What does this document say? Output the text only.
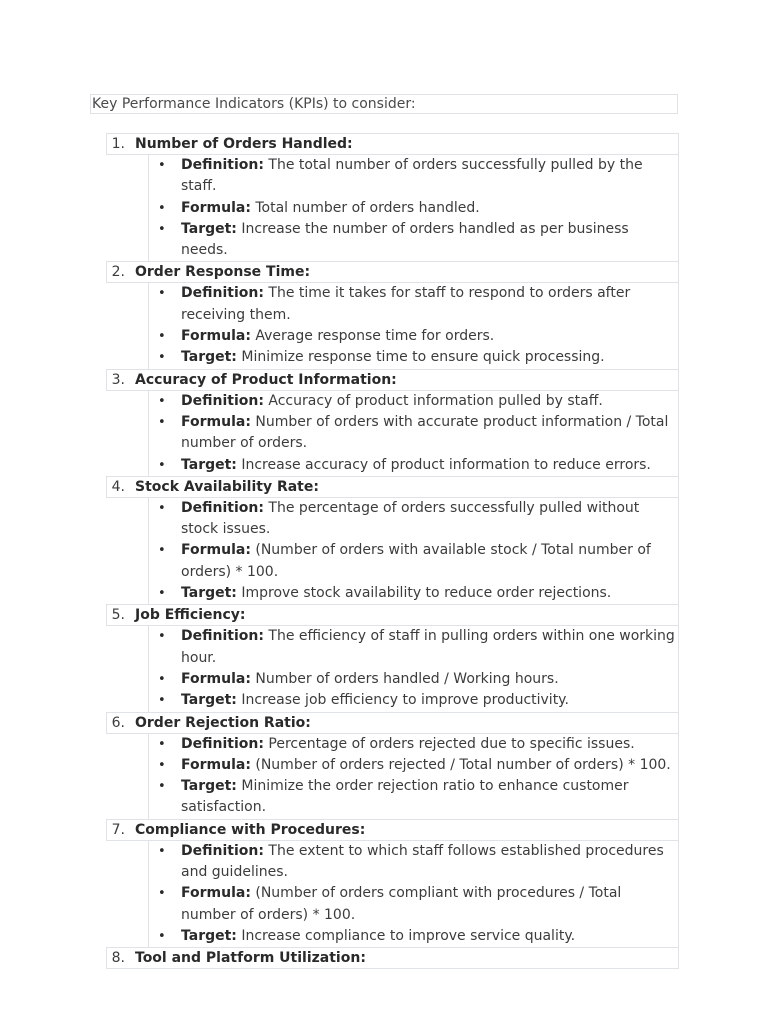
Key Performance Indicators (KPIs) to consider:
1. Number of Orders Handled:
• Definition: The total number of orders successfully pulled by the staff.
• Formula: Total number of orders handled.
• Target: Increase the number of orders handled as per business needs.
2. Order Response Time:
• Definition: The time it takes for staff to respond to orders after receiving them.
• Formula: Average response time for orders.
• Target: Minimize response time to ensure quick processing.
3. Accuracy of Product Information:
• Definition: Accuracy of product information pulled by staff.
• Formula: Number of orders with accurate product information / Total number of orders.
• Target: Increase accuracy of product information to reduce errors.
4. Stock Availability Rate:
• Definition: The percentage of orders successfully pulled without stock issues.
• Formula: (Number of orders with available stock / Total number of orders) * 100.
• Target: Improve stock availability to reduce order rejections.
5. Job Efficiency:
• Definition: The efficiency of staff in pulling orders within one working hour.
• Formula: Number of orders handled / Working hours.
• Target: Increase job efficiency to improve productivity.
6. Order Rejection Ratio:
• Definition: Percentage of orders rejected due to specific issues.
• Formula: (Number of orders rejected / Total number of orders) * 100.
• Target: Minimize the order rejection ratio to enhance customer satisfaction.
7. Compliance with Procedures:
• Definition: The extent to which staff follows established procedures and guidelines.
• Formula: (Number of orders compliant with procedures / Total number of orders) * 100.
• Target: Increase compliance to improve service quality.
8. Tool and Platform Utilization:
